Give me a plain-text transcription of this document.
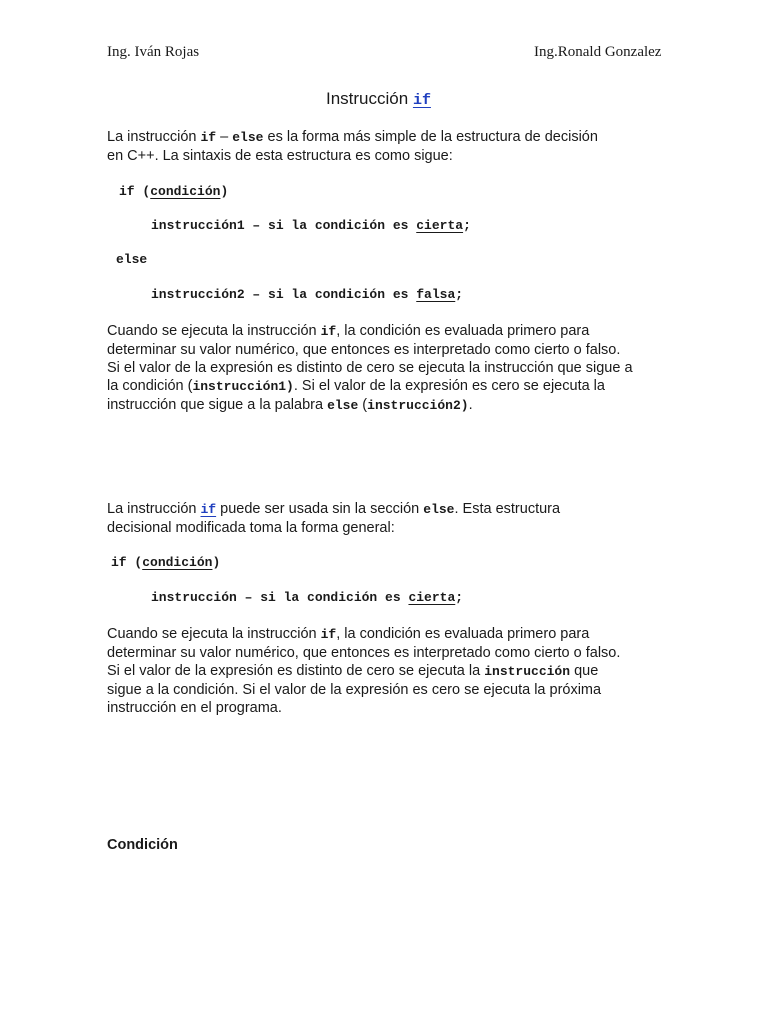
Ing. Iván Rojas	Ing.Ronald Gonzalez
Instrucción if
La instrucción if – else es la forma más simple de la estructura de decisión
en C++. La sintaxis de esta estructura es como sigue:
if (condición)
instrucción1 – si la condición es cierta;
else
instrucción2 – si la condición es falsa;
Cuando se ejecuta la instrucción if, la condición es evaluada primero para
determinar su valor numérico, que entonces es interpretado como cierto o falso.
Si el valor de la expresión es distinto de cero se ejecuta la instrucción que sigue a
la condición (instrucción1). Si el valor de la expresión es cero se ejecuta la
instrucción que sigue a la palabra else (instrucción2).
La instrucción if puede ser usada sin la sección else. Esta estructura
decisional modificada toma la forma general:
if (condición)
instrucción – si la condición es cierta;
Cuando se ejecuta la instrucción if, la condición es evaluada primero para
determinar su valor numérico, que entonces es interpretado como cierto o falso.
Si el valor de la expresión es distinto de cero se ejecuta la instrucción que
sigue a la condición. Si el valor de la expresión es cero se ejecuta la próxima
instrucción en el programa.
Condición
